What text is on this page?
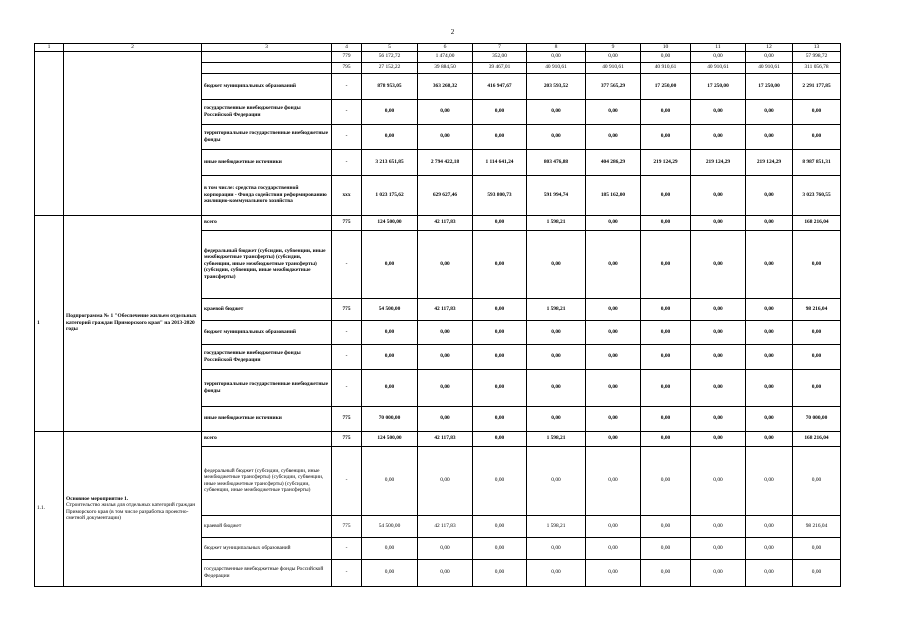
2
1	2	3	4	5	6	7	8	9	10	11	12	13
			779	56 172,72	1 474,00	352,00	0,00	0,00	0,00	0,00	0,00	57 998,72
			795	27 152,22	39 884,50	39 467,01	40 910,61	40 910,61	40 910,61	40 910,61	40 910,61	311 056,78
		бюджет муниципальных образований	-	878 953,05	363 268,32	416 947,67	203 593,52	377 565,29	17 250,00	17 250,00	17 250,00	2 291 177,85
		государственные внебюджетные фонды Российской Федерации	-	0,00	0,00	0,00	0,00	0,00	0,00	0,00	0,00	0,00
		территориальные государственные внебюджетные фонды	-	0,00	0,00	0,00	0,00	0,00	0,00	0,00	0,00	0,00
		иные внебюджетные источники	-	3 213 651,85	2 794 422,18	1 114 641,24	803 476,88	404 286,29	219 124,29	219 124,29	219 124,29	8 987 851,31
		в том числе: средства государственной корпорации - Фонда содействия реформированию жилищно-коммунального хозяйства	ххх	1 023 175,62	629 627,46	593 800,73	591 994,74	185 162,00	0,00	0,00	0,00	3 023 760,55
1	Подпрограмма № 1 "Обеспечение жильем отдельных категорий граждан Приморского края" на 2013-2020 годы	всего	775	124 500,00	42 117,83	0,00	1 598,21	0,00	0,00	0,00	0,00	168 216,04
		федеральный бюджет (субсидии, субвенции, иные межбюджетные трансферты) (субсидии, субвенции, иные межбюджетные трансферты) (субсидии, субвенции, иные межбюджетные трансферты)	-	0,00	0,00	0,00	0,00	0,00	0,00	0,00	0,00	0,00
		краевой бюджет	775	54 500,00	42 117,83	0,00	1 598,21	0,00	0,00	0,00	0,00	98 216,04
		бюджет муниципальных образований	-	0,00	0,00	0,00	0,00	0,00	0,00	0,00	0,00	0,00
		государственные внебюджетные фонды Российской Федерации	-	0,00	0,00	0,00	0,00	0,00	0,00	0,00	0,00	0,00
		территориальные государственные внебюджетные фонды	-	0,00	0,00	0,00	0,00	0,00	0,00	0,00	0,00	0,00
		иные внебюджетные источники	775	70 000,00	0,00	0,00	0,00	0,00	0,00	0,00	0,00	70 000,00
1.1.	Основное мероприятие 1.
Строительство жилья для отдельных категорий граждан Приморского края (в том числе разработка проектно-сметной документации)	всего	775	124 500,00	42 117,83	0,00	1 598,21	0,00	0,00	0,00	0,00	168 216,04
		федеральный бюджет (субсидии, субвенции, иные межбюджетные трансферты) (субсидии, субвенции, иные межбюджетные трансферты) (субсидии, субвенции, иные межбюджетные трансферты)	-	0,00	0,00	0,00	0,00	0,00	0,00	0,00	0,00	0,00
		краевой бюджет	775	54 500,00	42 117,83	0,00	1 598,21	0,00	0,00	0,00	0,00	98 216,04
		бюджет муниципальных образований	-	0,00	0,00	0,00	0,00	0,00	0,00	0,00	0,00	0,00
		государственные внебюджетные фонды Российской Федерации	-	0,00	0,00	0,00	0,00	0,00	0,00	0,00	0,00	0,00
